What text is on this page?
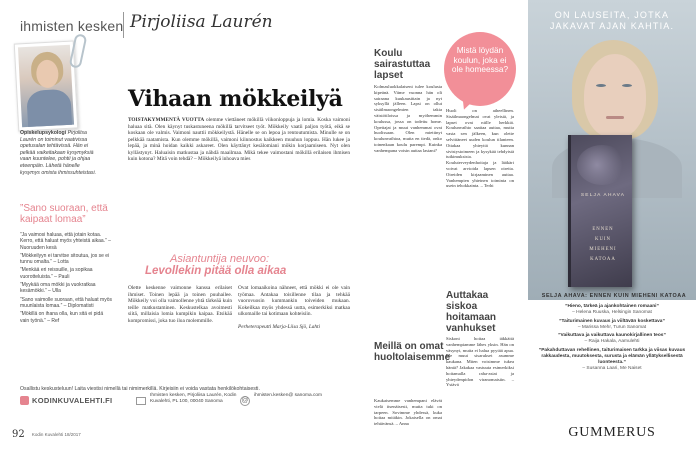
ihmisten kesken Pirjoliisa Laurén
Opiskelupsykologi Pirjoliisa Laurén on toiminut vaativissa opetusalan tehtävissä. Hän ei pelkää vaikeitakaan kysymyksiä vaan kuuntelee, pohtii ja ohjaa eteenpäin. Lähetä hänelle kysymys omista ihmissuhteistasi.
Vihaan mökkeilyä
TOISTAKYMMENTÄ VUOTTA olemme viettäneet mökillä viikonloppuja ja lomia. Koska vaimoni haluaa sitä. Olen käynyt tuskastuneena mökillä tarvitseet työt. Mökkeily vaatii paljon työtä, eikä se koskaan ole valmis. Vaimoni nauttii mökkeilystä. Hänelle se on lepoa ja rentoutumista. Minulle se on pelkkää raatamista. Kun olemme mökillä, vaimoni kiinnostus kaikkeen muuhun loppuu. Hän lukee ja lepää, ja minä hoidan kaikki askareet. Olen käyttänyt kesälomiani mökin korjaamiseen. Nyt olen kyllästynyt. Haluaisin matkustaa ja nähdä maailmaa. Mikä tekee vaimostani mökillä erilaisen ihmisen kuin kotona? Mitä voin tehdä? – Mökkeilyä inhoava mies
”Sano suoraan, että kaipaat lomaa”

”Ja vaimosi haluaa, että jotain kotaa. Kerro, että haluat myös yhteistä aikaa.” – Nuoruuden kesä

”Mökkeilyyn ei tarvitse sitoutua, jos se ei tunnu omalta.” – Lotta

”Menkää eri reissuille, ja sopikaa vuorotteluista.” – Pauli

”Myykää oma mökki ja vuokratkaa kesämökki.” – Ulla

”Sano vaimolle suoraan, että haluat myös muunlaista lomaa.” – Diplomatisti

”Mökillä on ihana olla, kun sitä ei pidä vain työnä.” – Ref

Asiantuntija neuvoo:
Levollekin pitää olla aikaa
Olette keskenne vaimonne kanssa erilaiset ihmiset. Toinen lepää ja toinen puuhailee. Mökkeily voi olla vaimollenne yhtä tärkeää kuin teille matkustaminen. Keskustelkaa avoimesti siitä, millaisia lomia kumpikin kaipaa. Etsikää kompromissi, joka tuo iloa molemmille.
Ovat lomaaikoina nähneet, että mökki ei ole vain työmaa. Antakaa toisillenne tilaa ja tehkää vuorovuosin kummankin toiveiden mukaan. Kokeilkaa myös yhdessä uutta, esimerkiksi matkaa ulkomaille tai kotimaan kohteisiin.

Perheterapeutti Marja-Liisa Sjö, Lahti
Osallistu keskusteluun! Laita viestisi nimellä tai nimimerkillä. Kirjeisiin ei voida vastata henkilökohtaisesti.
KODINKUVALEHTI.FI
Ihmisten kesken, Pirjoliisa Laurén, Kodin Kuvalehti, PL 100, 00040 Sanoma	@
ihmisten.kesken@ sanoma.com
92 Kodin Kuvalehti 18/2017
Koulu sairastuttaa lapset
Mistä löydän koulun, joka ei ole homeessa?
Kolmasluokkalaiseni tulee koulusta kipeänä. Viime vuonna hän oli sairaana kuukausittain ja nyt syksyllä jälleen. Lapsi on ollut sisäilmaongelmien takia väistötiloissa ja myöhemmin koulussa, jossa on todettu home. Opettajat ja muut vanhemmat ovat huolissaan. Olen miettinyt koulunvaihtoa, mutta en tiedä, onko toinenkaan koulu parempi. Kuinka vanhempana voisin auttaa lastani?
Huoli on aiheellinen. Sisäilmaongelmat ovat yleisiä, ja lapset ovat niille herkkiä. Koulunvaihto saattaa auttaa, mutta vasta sen jälkeen, kun olette selvittäneet uuden koulun tilanteen. Ottakaa yhteyttä kunnan sivistystoimeen ja kysykää tehdyistä tutkimuksista. Kouluterveydenhoitaja ja lääkäri voivat arvioida lapsen oireita. Oireiden kirjaaminen auttaa. Vanhempien yhteinen toiminta on usein tehokkainta. – Terhi
Auttakaa siskoa hoitamaan vanhukset
Siskoni hoitaa iäkkäitä vanhempiamme lähes yksin. Hän on väsynyt, mutta ei halua pyytää apua. Me muut sisarukset asumme kaukana. Miten voisimme tukea häntä? Jakakaa vastuuta esimerkiksi hoitamalla raha-asiat ja yhteydenpidon viranomaisiin. – Ystävä
Meillä on omat huoltolaisemme
Kaukaisemme vanhempani elävät vielä itsenäisesti, mutta tuki on tarpeen. Sovimme yhdessä, kuka hoitaa mitäkin. Jokaisella on omat tehtävänsä. – Anna
ON LAUSEITA, JOTKA JAKAVAT AJAN KAHTIA.
SELJA AHAVA
ENNEN
KUIN
MIEHENI
KATOAA
SELJA AHAVA: ENNEN KUIN MIEHENI KATOAA
”Hieno, tärkeä ja ajankohtainen romaani”
– Helena Ruuska, Helsingin Sanomat
”Taiturimainen kuvaus ja viiltävän koskettava”
– Marissa Mehr, Turun Sanomat
”Vaikuttava ja vaikuttava kaunokirjallinen teos”
– Raija Hakala, Aamulehti
”Pakahduttavan rehellinen, taiturimaisen tarkka ja viisas kuvaus rakkaudesta, muutoksesta, surusta ja elämän yllätyksellisestä luonteesta.”
– Susanna Laari, Me Naiset
GUMMERUS
